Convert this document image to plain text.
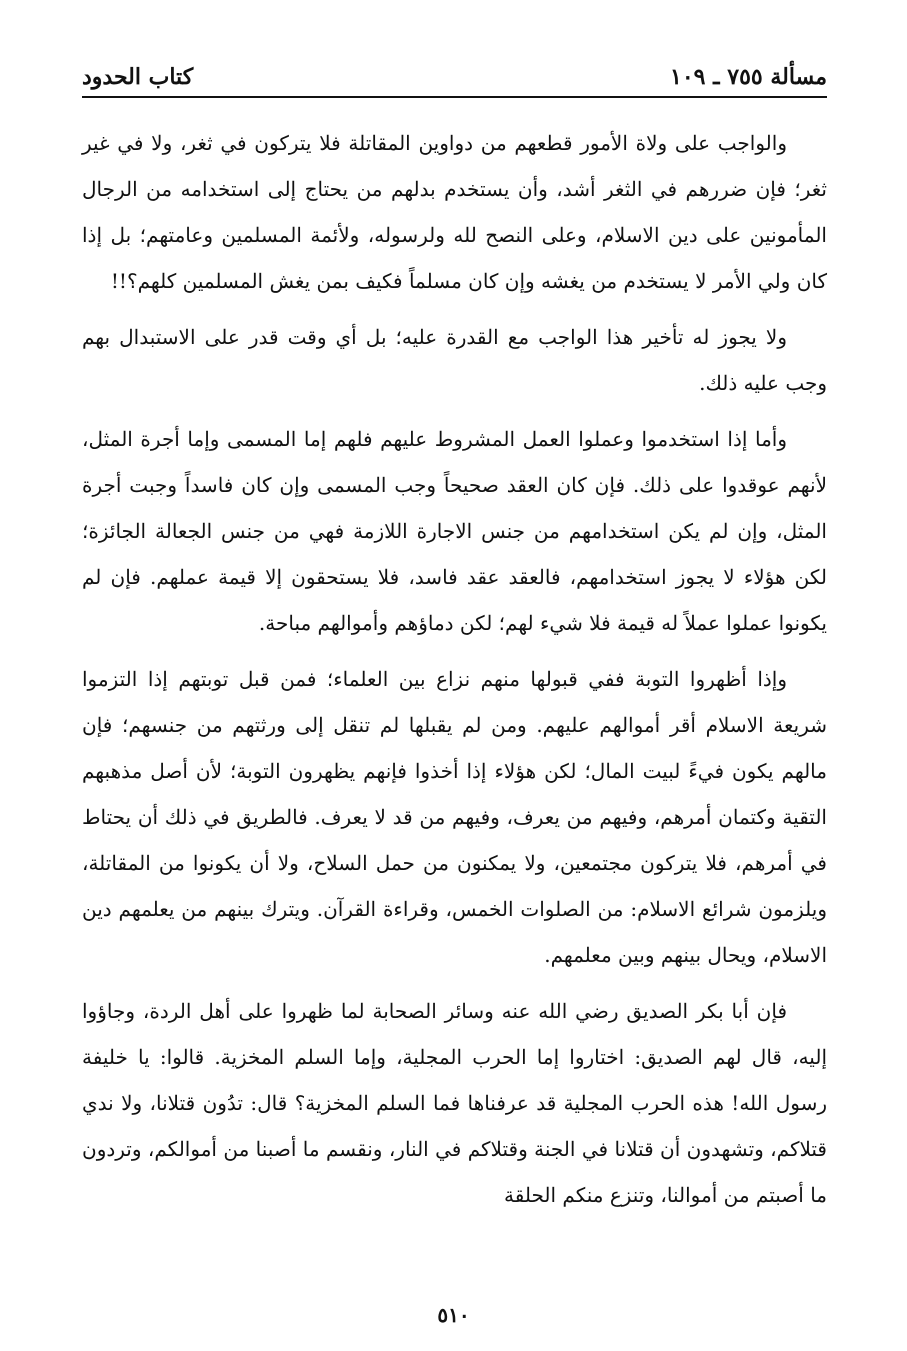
مسألة ٧٥٥ ـ ١٠٩
كتاب الحدود

والواجب على ولاة الأمور قطعهم من دواوين المقاتلة فلا يتركون في ثغر، ولا في غير ثغر؛ فإن ضررهم في الثغر أشد، وأن يستخدم بدلهم من يحتاج إلى استخدامه من الرجال المأمونين على دين الاسلام، وعلى النصح لله ولرسوله، ولأئمة المسلمين وعامتهم؛ بل إذا كان ولي الأمر لا يستخدم من يغشه وإن كان مسلماً فكيف بمن يغش المسلمين كلهم؟!!

ولا يجوز له تأخير هذا الواجب مع القدرة عليه؛ بل أي وقت قدر على الاستبدال بهم وجب عليه ذلك.

وأما إذا استخدموا وعملوا العمل المشروط عليهم فلهم إما المسمى وإما أجرة المثل، لأنهم عوقدوا على ذلك. فإن كان العقد صحيحاً وجب المسمى وإن كان فاسداً وجبت أجرة المثل، وإن لم يكن استخدامهم من جنس الاجارة اللازمة فهي من جنس الجعالة الجائزة؛ لكن هؤلاء لا يجوز استخدامهم، فالعقد عقد فاسد، فلا يستحقون إلا قيمة عملهم. فإن لم يكونوا عملوا عملاً له قيمة فلا شيء لهم؛ لكن دماؤهم وأموالهم مباحة.

وإذا أظهروا التوبة ففي قبولها منهم نزاع بين العلماء؛ فمن قبل توبتهم إذا التزموا شريعة الاسلام أقر أموالهم عليهم. ومن لم يقبلها لم تنقل إلى ورثتهم من جنسهم؛ فإن مالهم يكون فيءً لبيت المال؛ لكن هؤلاء إذا أخذوا فإنهم يظهرون التوبة؛ لأن أصل مذهبهم التقية وكتمان أمرهم، وفيهم من يعرف، وفيهم من قد لا يعرف. فالطريق في ذلك أن يحتاط في أمرهم، فلا يتركون مجتمعين، ولا يمكنون من حمل السلاح، ولا أن يكونوا من المقاتلة، ويلزمون شرائع الاسلام: من الصلوات الخمس، وقراءة القرآن. ويترك بينهم من يعلمهم دين الاسلام، ويحال بينهم وبين معلمهم.

فإن أبا بكر الصديق رضي الله عنه وسائر الصحابة لما ظهروا على أهل الردة، وجاؤوا إليه، قال لهم الصديق: اختاروا إما الحرب المجلية، وإما السلم المخزية. قالوا: يا خليفة رسول الله! هذه الحرب المجلية قد عرفناها فما السلم المخزية؟ قال: تدُون قتلانا، ولا ندي قتلاكم، وتشهدون أن قتلانا في الجنة وقتلاكم في النار، ونقسم ما أصبنا من أموالكم، وتردون ما أصبتم من أموالنا، وتنزع منكم الحلقة

٥١٠
